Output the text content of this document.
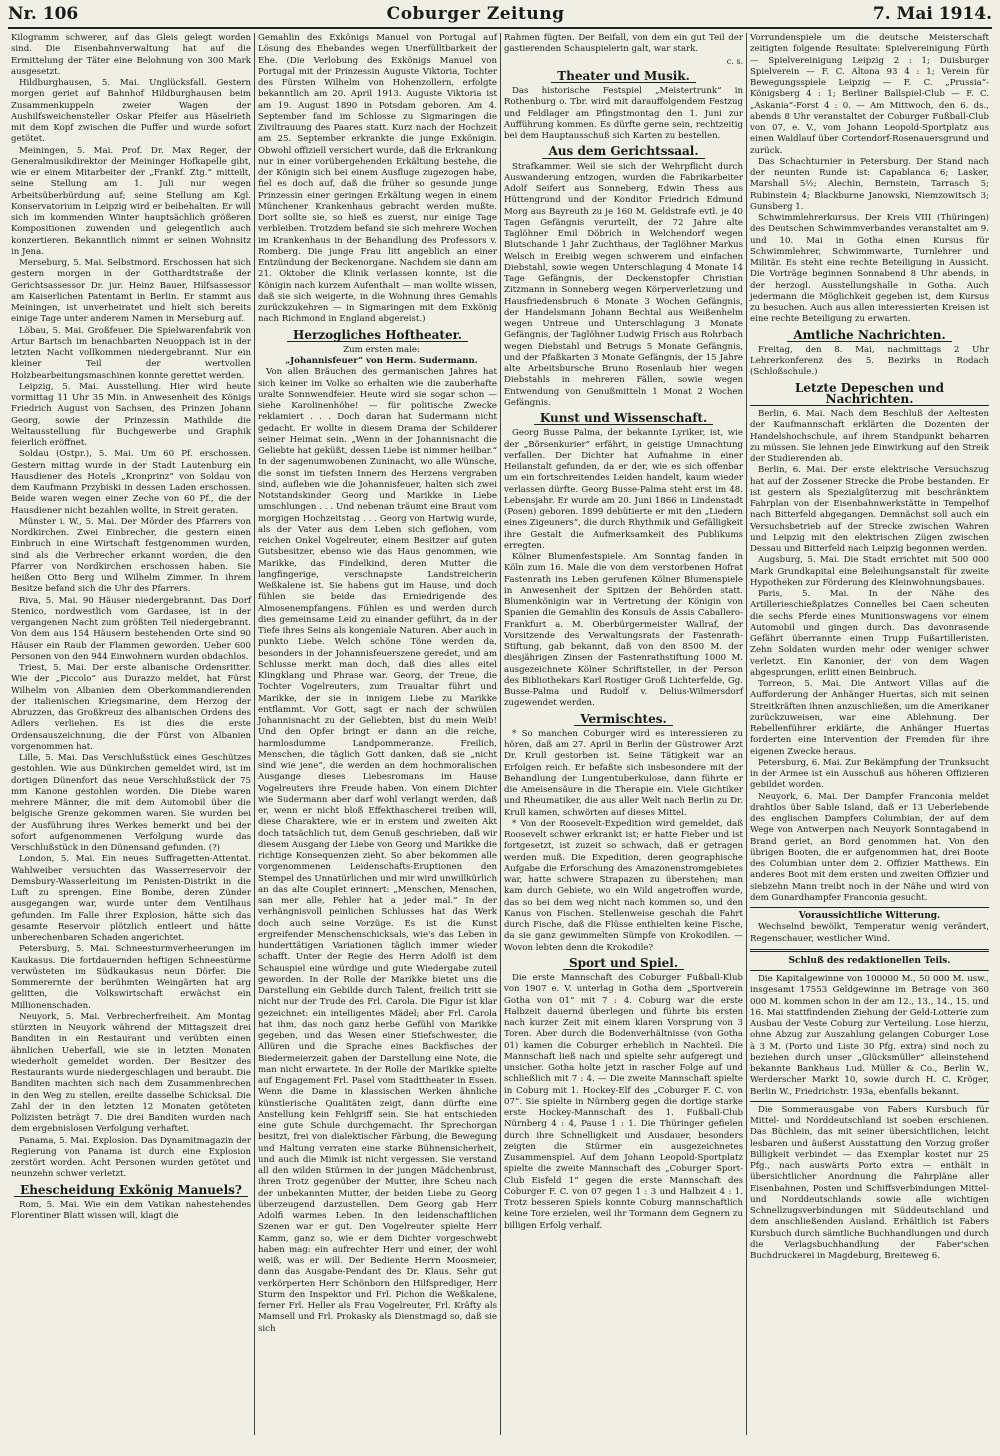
Nr. 106	Coburger Zeitung	7. Mai 1914.

Kilogramm schwerer, auf das Gleis gelegt worden sind. Die Eisenbahnverwaltung hat auf die Ermittelung der Täter eine Belohnung von 300 Mark ausgesetzt.

Hildburghausen, 5. Mai. Unglücksfall. Gestern morgen geriet auf Bahnhof Hildburghausen beim Zusammenkuppeln zweier Wagen der Aushilfsweichensteller Oskar Pfeifer aus Häselrieth mit dem Kopf zwischen die Puffer und wurde sofort getötet.

Meiningen, 5. Mai. Prof. Dr. Max Reger, der Generalmusikdirektor der Meininger Hofkapelle gibt, wie er einem Mitarbeiter der „Frankf. Ztg.“ mitteilt, seine Stellung am 1. Juli nur wegen Arbeitsüberbürdung auf; seine Stellung am Kgl. Konservatorium in Leipzig wird er beibehalten. Er will sich im kommenden Winter hauptsächlich größeren Kompositionen zuwenden und gelegentlich auch konzertieren. Bekanntlich nimmt er seinen Wohnsitz in Jena.

Merseburg, 5. Mai. Selbstmord. Erschossen hat sich gestern morgen in der Gotthardtstraße der Gerichtsassessor Dr. jur. Heinz Bauer, Hilfsassessor am Kaiserlichen Patentamt in Berlin. Er stammt aus Meiningen, ist unverheiratet und hielt sich bereits einige Tage unter anderem Namen in Merseburg auf.

Löbau, 5. Mai. Großfeuer. Die Spielwarenfabrik von Artur Bartsch im benachbarten Neuoppach ist in der letzten Nacht vollkommen niedergebrannt. Nur ein kleiner Teil der wertvollen Holzbearbeitungsmaschinen konnte gerettet werden.

Leipzig, 5. Mai. Ausstellung. Hier wird heute vormittag 11 Uhr 35 Min. in Anwesenheit des Königs Friedrich August von Sachsen, des Prinzen Johann Georg, sowie der Prinzessin Mathilde die Weltausstellung für Buchgewerbe und Graphik feierlich eröffnet.

Soldau (Ostpr.), 5. Mai. Um 60 Pf. erschossen. Gestern mittag wurde in der Stadt Lautenburg ein Hausdiener des Hotels „Kronprinz“ von Soldau von dem Kaufmann Przybiski in dessen Laden erschossen. Beide waren wegen einer Zeche von 60 Pf., die der Hausdiener nicht bezahlen wollte, in Streit geraten.

Münster i. W., 5. Mai. Der Mörder des Pfarrers von Nordkirchen. Zwei Einbrecher, die gestern einen Einbruch in eine Wirtschaft festgenommen wurden, sind als die Verbrecher erkannt worden, die den Pfarrer von Nordkirchen erschossen haben. Sie heißen Otto Berg und Wilhelm Zimmer. In ihrem Besitze befand sich die Uhr des Pfarrers.

Riva, 5. Mai. 90 Häuser niedergebrannt. Das Dorf Stenico, nordwestlich vom Gardasee, ist in der vergangenen Nacht zum größten Teil niedergebrannt. Von dem aus 154 Häusern bestehenden Orte sind 90 Häuser ein Raub der Flammen geworden. Ueber 600 Personen von den 944 Einwohnern wurden obdachlos.

Triest, 5. Mai. Der erste albanische Ordensritter. Wie der „Piccolo“ aus Durazzo meldet, hat Fürst Wilhelm von Albanien dem Oberkommandierenden der italienischen Kriegsmarine, dem Herzog der Abruzzen, das Großkreuz des albanischen Ordens des Adlers verliehen. Es ist dies die erste Ordensauszeichnung, die der Fürst von Albanien vorgenommen hat.

Lille, 5. Mai. Das Verschlußstück eines Geschützes gestohlen. Wie aus Dünkirchen gemeldet wird, ist im dortigen Dünenfort das neue Verschlußstück der 75 mm Kanone gestohlen worden. Die Diebe waren mehrere Männer, die mit dem Automobil über die belgische Grenze gekommen waren. Sie wurden bei der Ausführung ihres Werkes bemerkt und bei der sofort aufgenommenen Verfolgung wurde das Verschlußstück in den Dünensand gefunden. (?)

London, 5. Mai. Ein neues Suffragetten-Attentat. Wahlweiber versuchten das Wasserreservoir der Demsbury-Wasserleitung im Penisten-Distrikt in die Luft zu sprengen. Eine Bombe, deren Zünder ausgegangen war, wurde unter dem Ventilhaus gefunden. Im Falle ihrer Explosion, hätte sich das gesamte Reservoir plötzlich entleert und hätte unberechenbaren Schaden angerichtet.

Petersburg, 5. Mai. Schneesturmverheerungen im Kaukasus. Die fortdauernden heftigen Schneestürme verwüsteten im Südkaukasus neun Dörfer. Die Sommerernte der berühmten Weingärten hat arg gelitten, die Volkswirtschaft erwächst ein Millionenschaden.

Neuyork, 5. Mai. Verbrecherfreiheit. Am Montag stürzten in Neuyork während der Mittagszeit drei Banditen in ein Restaurant und verübten einen ähnlichen Ueberfall, wie sie in letzten Monaten wiederholt gemeldet worden. Der Besitzer des Restaurants wurde niedergeschlagen und beraubt. Die Banditen machten sich nach dem Zusammenbrechen in den Weg zu stellen, ereilte dasselbe Schicksal. Die Zahl der in den letzten 12 Monaten getöteten Polizisten beträgt 7. Die drei Banditen wurden nach dem ergebnislosen Verfolgung verhaftet.

Panama, 5. Mai. Explosion. Das Dynamitmagazin der Regierung von Panama ist durch eine Explosion zerstört worden. Acht Personen wurden getötet und neunzehn schwer verletzt.

Ehescheidung Exkönig Manuels?

Rom, 5. Mai. Wie ein dem Vatikan nahestehendes Florentiner Blatt wissen will, klagt die

Gemahlin des Exkönigs Manuel von Portugal auf Lösung des Ehebandes wegen Unerfülltbarkeit der Ehe. (Die Verlobung des Exkönigs Manuel von Portugal mit der Prinzessin Auguste Viktoria, Tochter des Fürsten Wilhelm von Hohenzollern, erfolgte bekanntlich am 20. April 1913. Auguste Viktoria ist am 19. August 1890 in Potsdam geboren. Am 4. September fand im Schlosse zu Sigmaringen die Ziviltrauung des Paares statt. Kurz nach der Hochzeit am 25. September erkrankte die junge Exkönigin. Obwohl offiziell versichert wurde, daß die Erkrankung nur in einer vorübergehenden Erkältung bestehe, die der Königin sich bei einem Ausfluge zugezogen habe, fiel es doch auf, daß die früher so gesunde junge Prinzessin einer geringen Erkältung wegen in einem Münchener Krankenhaus gebracht werden mußte. Dort sollte sie, so hieß es zuerst, nur einige Tage verbleiben. Trotzdem befand sie sich mehrere Wochen im Krankenhaus in der Behandlung des Professors v. Romberg. Die junge Frau litt angeblich an einer Entzündung der Beckenorgane. Nachdem sie dann am 21. Oktober die Klinik verlassen konnte, ist die Königin nach kurzem Aufenthalt — man wollte wissen, daß sie sich weigerte, in die Wohnung ihres Gemahls zurückzukehren — in Sigmaringen mit dem Exkönig nach Richmond in England abgereist.)

Herzogliches Hoftheater.

Zum ersten male:

„Johannisfeuer“ von Herm. Sudermann.

Von allen Bräuchen des germanischen Jahres hat sich keiner im Volke so erhalten wie die zauberhafte uralte Sonnwendfeier. Heute wird sie sogar schon — siehe Karolinenhöhe! — für politische Zwecke reklamiert . . . Doch daran hat Sudermann nicht gedacht. Er wollte in diesem Drama der Schilderer seiner Heimat sein. „Wenn in der Johannisnacht die Geliebte hat geküßt, dessen Liebe ist nimmer heilbar.“ In der sagenumwobenen Zuninacht, wo alle Wünsche, die sonst im tiefsten Innern des Herzens vergraben sind, aufleben wie die Johannisfeuer, halten sich zwei Notstandskinder Georg und Marikke in Liebe umschlungen . . . Und nebenan träumt eine Braut vom morgigen Hochzeitstag . . . Georg von Hartwig wurde, als der Vater aus dem Leben sich geflohen, vom reichen Onkel Vogelreuter, einem Besitzer auf guten Gutsbesitzer, ebenso wie das Haus genommen, wie Marikke, das Findelkind, deren Mutter die langfingerige, verschnapste Landstreicherin Weßkalene ist. Sie habens gut im Hause, und doch fühlen sie beide das Erniedrigende des Almosenempfangens. Fühlen es und werden durch dies gemeinsame Leid zu einander geführt, da in der Tiefe ihres Seins als kongeniale Naturen. Aber auch in punkto Liebe. Welch schöne Töne werden da, besonders in der Johannisfeuerszene geredet, und am Schlusse merkt man doch, daß dies alles eitel Klingklang und Phrase war. Georg, der Treue, die Tochter Vogelreuters, zum Traualtar führt und Marikke, der sie in innigem Liebe zu Marikke entflammt. Vor Gott, sagt er nach der schwülen Johannisnacht zu der Geliebten, bist du mein Weib! Und den Opfer bringt er dann an die reiche, harmlosdumme Landpommeranze. Freilich, Menschen, die täglich Gott danken, daß sie „nicht sind wie jene“, die werden an dem hochmoralischen Ausgange dieses Liebesromans im Hause Vogelreuters ihre Freude haben. Von einem Dichter wie Sudermann aber darf wohl verlangt werden, daß er, wenn er nicht bloß Effekthascherei treiben will, diese Charaktere, wie er in erstem und zweiten Akt doch tatsächlich tut, dem Genuß geschrieben, daß wir diesem Ausgang der Liebe von Georg und Marikke die richtige Konsequenzen zieht. So aber bekommen alle vorgenommenen Leidenschafts-Eruptionen den Stempel des Unnatürlichen und mir wird unwillkürlich an das alte Couplet erinnert: „Menschen, Menschen, san mer alle, Fehler hat a jeder mal.“ In der verhängnisvoll peinlichen Schlusses hat das Werk doch auch seine Vorzüge. Es ist die Kunst ergreifender Menschenschicksals, wie's das Leben in hunderttätigen Variationen täglich immer wieder schafft. Unter der Regie des Herrn Adolfi ist dem Schauspiel eine würdige und gute Wiedergabe zuteil geworden. In der Rolle der Marikke bietet uns die Darstellung ein Gebilde durch Talent, freilich tritt sie nicht nur der Trude des Frl. Carola. Die Figur ist klar gezeichnet: ein intelligentes Mädel; aber Frl. Carola hat ihm, das noch ganz herbe Gefühl von Marikke gegeben, und das Wesen einer Stiefschwester, die Allüren und die Sprache eines Backfisches der Biedermeierzeit gaben der Darstellung eine Note, die man nicht erwartete. In der Rolle der Marikke spielte auf Engagement Frl. Pasel vom Stadttheater in Essen. Wenn die Dame in klassischen Werken ähnliche künstlerische Qualitäten zeigt, dann dürfte eine Anstellung kein Fehlgriff sein. Sie hat entschieden eine gute Schule durchgemacht. Ihr Sprechorgan besitzt, frei von dialektischer Färbung, die Bewegung und Haltung verraten eine starke Bühnensicherheit, und auch die Mimik ist nicht vergessen. Sie verstand all den wilden Stürmen in der jungen Mädchenbrust, ihren Trotz gegenüber der Mutter, ihre Scheu nach der unbekannten Mutter, der beiden Liebe zu Georg überzeugend darzustellen. Dem Georg gab Herr Adolfi warmes Leben. In den leidenschaftlichen Szenen war er gut. Den Vogelreuter spielte Herr Kamm, ganz so, wie er dem Dichter vorgeschwebt haben mag: ein aufrechter Herr und einer, der wohl weiß, was er will. Der Bediente Herrn Moosmeier, dann das Ausgabe-Pendant des Dr. Klaus. Sehr gut verkörperten Herr Schönborn den Hilfsprediger, Herr Sturm den Inspektor und Frl. Pichon die Weßkalene, ferner Frl. Heller als Frau Vogelreuter, Frl. Kräfty als Mamsell und Frl. Prokasky als Dienstmagd so, daß sie sich

Rahmen fügten. Der Beifall, von dem ein gut Teil der gastierenden Schauspielerin galt, war stark.

c. s.
Theater und Musik.

Das historische Festspiel „Meistertrunk“ in Rothenburg o. Tbr. wird mit darauffolgendem Festzug und Feldlager am Pfingstmontag den 1. Juni zur Aufführung kommen. Es dürfte gerne sein, rechtzeitig bei dem Hauptausschuß sich Karten zu bestellen.

Aus dem Gerichtssaal.

Strafkammer. Weil sie sich der Wehrpflicht durch Auswanderung entzogen, wurden die Fabrikarbeiter Adolf Seifert aus Sonneberg, Edwin Thess aus Hüttengrund und der Konditor Friedrich Edmund Morg aus Bayreuth zu je 160 M. Geldstrafe evtl. je 40 Tagen Gefängnis verurteilt, der 72 Jahre alte Taglöhner Emil Döbrich in Welchendorf wegen Blutschande 1 Jahr Zuchthaus, der Taglöhner Markus Welsch in Ereibig wegen schwerem und einfachen Diebstahl, sowie wegen Unterschlagung 4 Monate 14 Tage Gefängnis, der Deckenstopfer Christian Zitzmann in Sonneberg wegen Körperverletzung und Hausfriedensbruch 6 Monate 3 Wochen Gefängnis, der Handelsmann Johann Bechtal aus Weißenhelm wegen Untreue und Unterschlagung 3 Monate Gefängnis, der Taglöhner Ludwig Frisch aus Rohrbach wegen Diebstahl und Betrugs 5 Monate Gefängnis, und der Pfaßkarten 3 Monate Gefängnis, der 15 Jahre alte Arbeitsbursche Bruno Rosenlaub hier wegen Diebstahls in mehreren Fällen, sowie wegen Entwendung von Genußmitteln 1 Monat 2 Wochen Gefängnis.

Kunst und Wissenschaft.

Georg Busse Palma, der bekannte Lyriker, ist, wie der „Börsenkurier“ erfährt, in geistige Umnachtung verfallen. Der Dichter hat Aufnahme in einer Heilanstalt gefunden, da er der, wie es sich offenbar um ein fortschreitendes Leiden handelt, kaum wieder verlassen dürfte. Georg Busse-Palma steht erst im 48. Lebensjahr. Er wurde am 20. Juni 1866 in Lindenstadt (Posen) geboren. 1899 debütierte er mit den „Liedern eines Zigeuners“, die durch Rhythmik und Gefälligkeit ihre Gestalt die Aufmerksamkeit des Publikums erregten.

Kölner Blumenfestspiele. Am Sonntag fanden in Köln zum 16. Male die von dem verstorbenen Hofrat Fastenrath ins Leben gerufenen Kölner Blumenspiele in Anwesenheit der Spitzen der Behörden statt. Blumenkönigin war in Vertretung der Königin von Spanien die Gemahlin des Konsuls de Assis Caballero-Frankfurt a. M. Oberbürgermeister Wallraf, der Vorsitzende des Verwaltungsrats der Fastenrath-Stiftung, gab bekannt, daß von den 8500 M. der diesjährigen Zinsen der Fastenrathstiftung 1000 M. ausgezeichnete Kölner Schriftsteller, in der Person des Bibliothekars Karl Rostiger Groß Lichterfelde, Gg. Busse-Palma und Rudolf v. Delius-Wilmersdorf zugewendet werden.

Vermischtes.

* So manchen Coburger wird es interessieren zu hören, daß am 27. April in Berlin der Güstrower Arzt Dr. Krull gestorben ist. Seine Tätigkeit war an Erfolgen reich. Er befaßte sich insbesondere mit der Behandlung der Lungentuberkulose, dann führte er die Ameisensäure in die Therapie ein. Viele Gichtiker und Rheumatiker, die aus aller Welt nach Berlin zu Dr. Krull kamen, schwörten auf dieses Mittel.

* Von der Roosevelt-Expedition wird gemeldet, daß Roosevelt schwer erkrankt ist; er hatte Fieber und ist fortgesetzt, ist zuzeit so schwach, daß er getragen werden muß. Die Expedition, deren geographische Aufgabe die Erforschung des Amazonenstromgebietes war, hatte schwere Strapazen zu überstehen; man kam durch Gebiete, wo ein Wild angetroffen wurde, das so bei dem weg nicht nach kommen so, und den Kanus von Fischen. Stellenweise geschah die Fahrt durch Fische, daß die Flüsse enthielten keine Fische, da sie ganz gewimmelten Sümpfe von Krokodilen. — Wovon lebten denn die Krokodile?

Sport und Spiel.

Die erste Mannschaft des Coburger Fußball-Klub von 1907 e. V. unterlag in Gotha dem „Sportverein Gotha von 01“ mit 7 : 4. Coburg war die erste Halbzeit dauernd überlegen und führte bis ersten nach kurzer Zeit mit einem klaren Vorsprung von 3 Toren. Aber durch die Bodenverhältnisse (von Gotha 01) kamen die Coburger erheblich in Nachteil. Die Mannschaft ließ nach und spielte sehr aufgeregt und unsicher. Gotha holte jetzt in rascher Folge auf und schließlich mit 7 : 4. — Die zweite Mannschaft spielte in Coburg mit 1. Hockey-Elf des „Coburger F. C. von 07“. Sie spielte in Nürnberg gegen die dortige starke erste Hockey-Mannschaft des 1. Fußball-Club Nürnberg 4 : 4, Pause 1 : 1. Die Thüringer gefielen durch ihre Schnelligkeit und Ausdauer, besonders zeigten die Stürmer ein ausgezeichnetes Zusammenspiel. Auf dem Johann Leopold-Sportplatz spielte die zweite Mannschaft des „Coburger Sport-Club Eisfeld 1“ gegen die erste Mannschaft des Coburger F. C. von 07 gegen 1 : 3 und Halbzeit 4 : 1. Trotz besseren Spiels konnte Coburg mannschaftlich keine Tore erzielen, weil ihr Tormann dem Gegnern zu billigen Erfolg verhalf.

Vorrundenspiele um die deutsche Meisterschaft zeitigten folgende Resultate: Spielvereinigung Fürth — Spielvereinigung Leipzig 2 : 1; Duisburger Spielverein — F. C. Altona 93 4 : 1; Verein für Bewegungsspiele Leipzig — F. C. „Prussia“-Königsberg 4 : 1; Berliner Ballspiel-Club — F. C. „Askania“-Forst 4 : 0. — Am Mittwoch, den 6. ds., abends 8 Uhr veranstaltet der Coburger Fußball-Club von 07, e. V., vom Johann Leopold-Sportplatz aus einen Waldlauf über Cortendorf-Rosenauersgrund und zurück.

Das Schachturnier in Petersburg. Der Stand nach der neunten Runde ist: Capablanca 6; Lasker, Marshall 5½; Alechin, Bernstein, Tarrasch 5; Rubinstein 4; Blackburne Janowski, Niemzowitsch 3; Gunsberg 1.

Schwimmlehrerkursus. Der Kreis VIII (Thüringen) des Deutschen Schwimmverbandes veranstaltet am 9. und 10. Mai in Gotha einen Kursus für Schwimmlehrer, Schwimmwarte, Turnlehrer und Militär. Es steht eine rechte Beteiligung in Aussicht. Die Vorträge beginnen Sonnabend 8 Uhr abends, in der herzogl. Ausstellungshalle in Gotha. Auch jedermann die Möglichkeit gegeben ist, dem Kursus zu besuchen. Auch aus allen interessierten Kreisen ist eine rechte Beteiligung zu erwarten.

Amtliche Nachrichten.

Freitag, den 8. Mai, nachmittags 2 Uhr Lehrerkonferenz des 5. Bezirks in Rodach (Schloßschule.)

Letzte Depeschen und Nachrichten.

Berlin, 6. Mai. Nach dem Beschluß der Aeltesten der Kaufmannschaft erklärten die Dozenten der Handelshochschule, auf ihrem Standpunkt beharren zu müssen. Sie lehnen jede Einwirkung auf den Streik der Studierenden ab.

Berlin, 6. Mai. Der erste elektrische Versuchszug hat auf der Zossener Strecke die Probe bestanden. Er ist gestern als Spezialgüterzug mit beschränktem Fahrplan von der Eisenbahnwerkstätte in Tempelhof nach Bitterfeld abgegangen. Demnächst soll auch ein Versuchsbetrieb auf der Strecke zwischen Wahren und Leipzig mit den elektrischen Zügen zwischen Dessau und Bitterfeld nach Leipzig begonnen werden.

Augsburg, 5. Mai. Die Stadt errichtet mit 500 000 Mark Grundkapital eine Beleihungsanstalt für zweite Hypotheken zur Förderung des Kleinwohnungsbaues.

Paris, 5. Mai. In der Nähe des Artillerieschießplatzes Connelles bei Caen scheuten die sechs Pferde eines Munitionswagens vor einem Automobil und gingen durch. Das davonrasende Gefährt überrannte einen Trupp Fußartilleristen. Zehn Soldaten wurden mehr oder weniger schwer verletzt. Ein Kanonier, der von dem Wagen abgesprungen, erlitt einen Beinbruch.

Torreon, 5. Mai. Die Antwort Villas auf die Aufforderung der Anhänger Huertas, sich mit seinen Streitkräften ihnen anzuschließen, um die Amerikaner zurückzuweisen, war eine Ablehnung. Der Rebellenführer erklärte, die Anhänger Huertas forderten eine Intervention der Fremden für ihre eigenen Zwecke heraus.

Petersburg, 6. Mai. Zur Bekämpfung der Trunksucht in der Armee ist ein Ausschuß aus höheren Offizieren gebildet worden.

Neuyork, 6. Mai. Der Dampfer Franconia meldet drahtlos über Sable Island, daß er 13 Ueberlebende des englischen Dampfers Columbian, der auf dem Wege von Antwerpen nach Neuyork Sonntagabend in Brand geriet, an Bord genommen hat. Von den übrigen Booten, die er aufgenommen hat, drei Boote des Columbian unter dem 2. Offizier Matthews. Ein anderes Boot mit dem ersten und zweiten Offizier und siebzehn Mann treibt noch in der Nähe und wird von dem Gunardhampfer Franconia gesucht.

Voraussichtliche Witterung.

Wechselnd bewölkt, Temperatur wenig verändert, Regenschauer, westlicher Wind.

Schluß des redaktionellen Teils.

Die Kapitalgewinne von 100000 M., 50 000 M. usw., insgesamt 17553 Geldgewinne im Betrage von 360 000 M. kommen schon in der am 12., 13., 14., 15. und 16. Mai stattfindenden Ziehung der Geld-Lotterie zum Ausbau der Veste Coburg zur Verteilung. Lose hierzu, ohne Abzug zur Auszahlung gelangen Coburger Lose à 3 M. (Porto und Liste 30 Pfg. extra) sind noch zu beziehen durch unser „Glücksmüller“ alleinstehend bekannte Bankhaus Lud. Müller & Co., Berlin W., Werderscher Markt 10, sowie durch H. C. Kröger, Berlin W., Friedrichstr. 193a, ebenfalls bekannt.

Die Sommerausgabe von Fabers Kursbuch für Mittel- und Norddeutschland ist soeben erschienen. Das Büchlein, das mit seiner übersichtlichen, leicht lesbaren und äußerst Ausstattung den Vorzug großer Billigkeit verbindet — das Exemplar kostet nur 25 Pfg., nach auswärts Porto extra — enthält in übersichtlicher Anordnung die Fahrpläne aller Eisenbahnen, Posten und Schiffsverbindungen Mittel- und Norddeutschlands sowie alle wichtigen Schnellzugsverbindungen mit Süddeutschland und dem anschließenden Ausland. Erhältlich ist Fabers Kursbuch durch sämtliche Buchhandlungen und durch die Verlagsbuchhandlung der Faber'schen Buchdruckerei in Magdeburg, Breiteweg 6.
